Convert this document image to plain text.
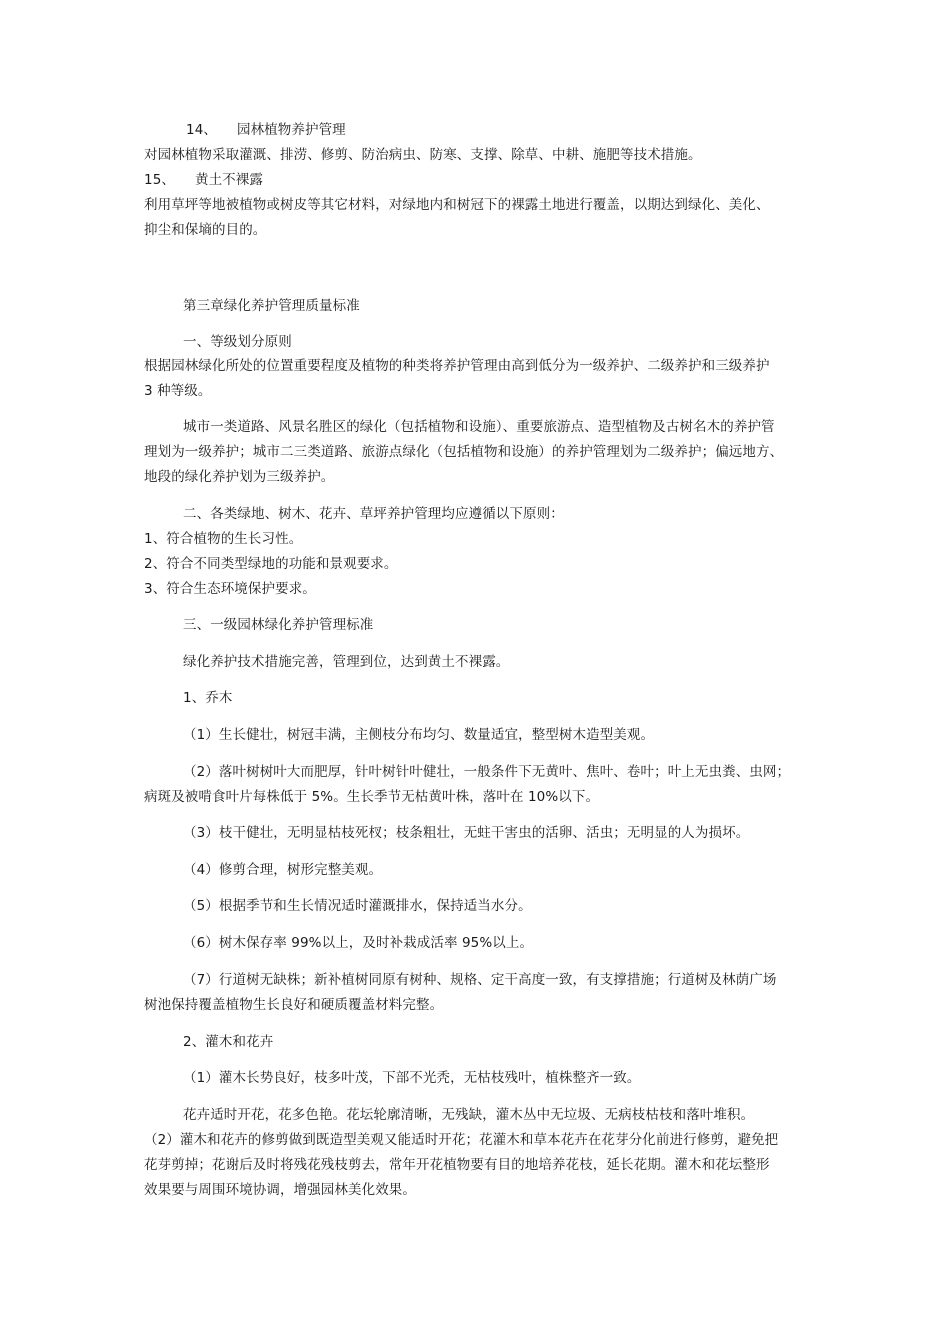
14、 园林植物养护管理
对园林植物采取灌溉、排涝、修剪、防治病虫、防寒、支撑、除草、中耕、施肥等技术措施。
15、 黄土不裸露
利用草坪等地被植物或树皮等其它材料，对绿地内和树冠下的裸露土地进行覆盖，以期达到绿化、美化、
抑尘和保墒的目的。
第三章绿化养护管理质量标准
一、等级划分原则
根据园林绿化所处的位置重要程度及植物的种类将养护管理由高到低分为一级养护、二级养护和三级养护
3 种等级。
城市一类道路、风景名胜区的绿化（包括植物和设施）、重要旅游点、造型植物及古树名木的养护管
理划为一级养护；城市二三类道路、旅游点绿化（包括植物和设施）的养护管理划为二级养护；偏远地方、
地段的绿化养护划为三级养护。
二、各类绿地、树木、花卉、草坪养护管理均应遵循以下原则：
1、符合植物的生长习性。
2、符合不同类型绿地的功能和景观要求。
3、符合生态环境保护要求。
三、一级园林绿化养护管理标准
绿化养护技术措施完善，管理到位，达到黄土不裸露。
1、乔木
（1）生长健壮，树冠丰满，主侧枝分布均匀、数量适宜，整型树木造型美观。
（2）落叶树树叶大而肥厚，针叶树针叶健壮，一般条件下无黄叶、焦叶、卷叶；叶上无虫粪、虫网；
病斑及被啃食叶片每株低于 5%。生长季节无枯黄叶株，落叶在 10%以下。
（3）枝干健壮，无明显枯枝死杈；枝条粗壮，无蛀干害虫的活卵、活虫；无明显的人为损坏。
（4）修剪合理，树形完整美观。
（5）根据季节和生长情况适时灌溉排水，保持适当水分。
（6）树木保存率 99%以上，及时补栽成活率 95%以上。
（7）行道树无缺株；新补植树同原有树种、规格、定干高度一致，有支撑措施；行道树及林荫广场
树池保持覆盖植物生长良好和硬质覆盖材料完整。
2、灌木和花卉
（1）灌木长势良好，枝多叶茂，下部不光秃，无枯枝残叶，植株整齐一致。
花卉适时开花，花多色艳。花坛轮廓清晰，无残缺，灌木丛中无垃圾、无病枝枯枝和落叶堆积。
（2）灌木和花卉的修剪做到既造型美观又能适时开花；花灌木和草本花卉在花芽分化前进行修剪，避免把
花芽剪掉；花谢后及时将残花残枝剪去，常年开花植物要有目的地培养花枝，延长花期。灌木和花坛整形
效果要与周围环境协调，增强园林美化效果。
